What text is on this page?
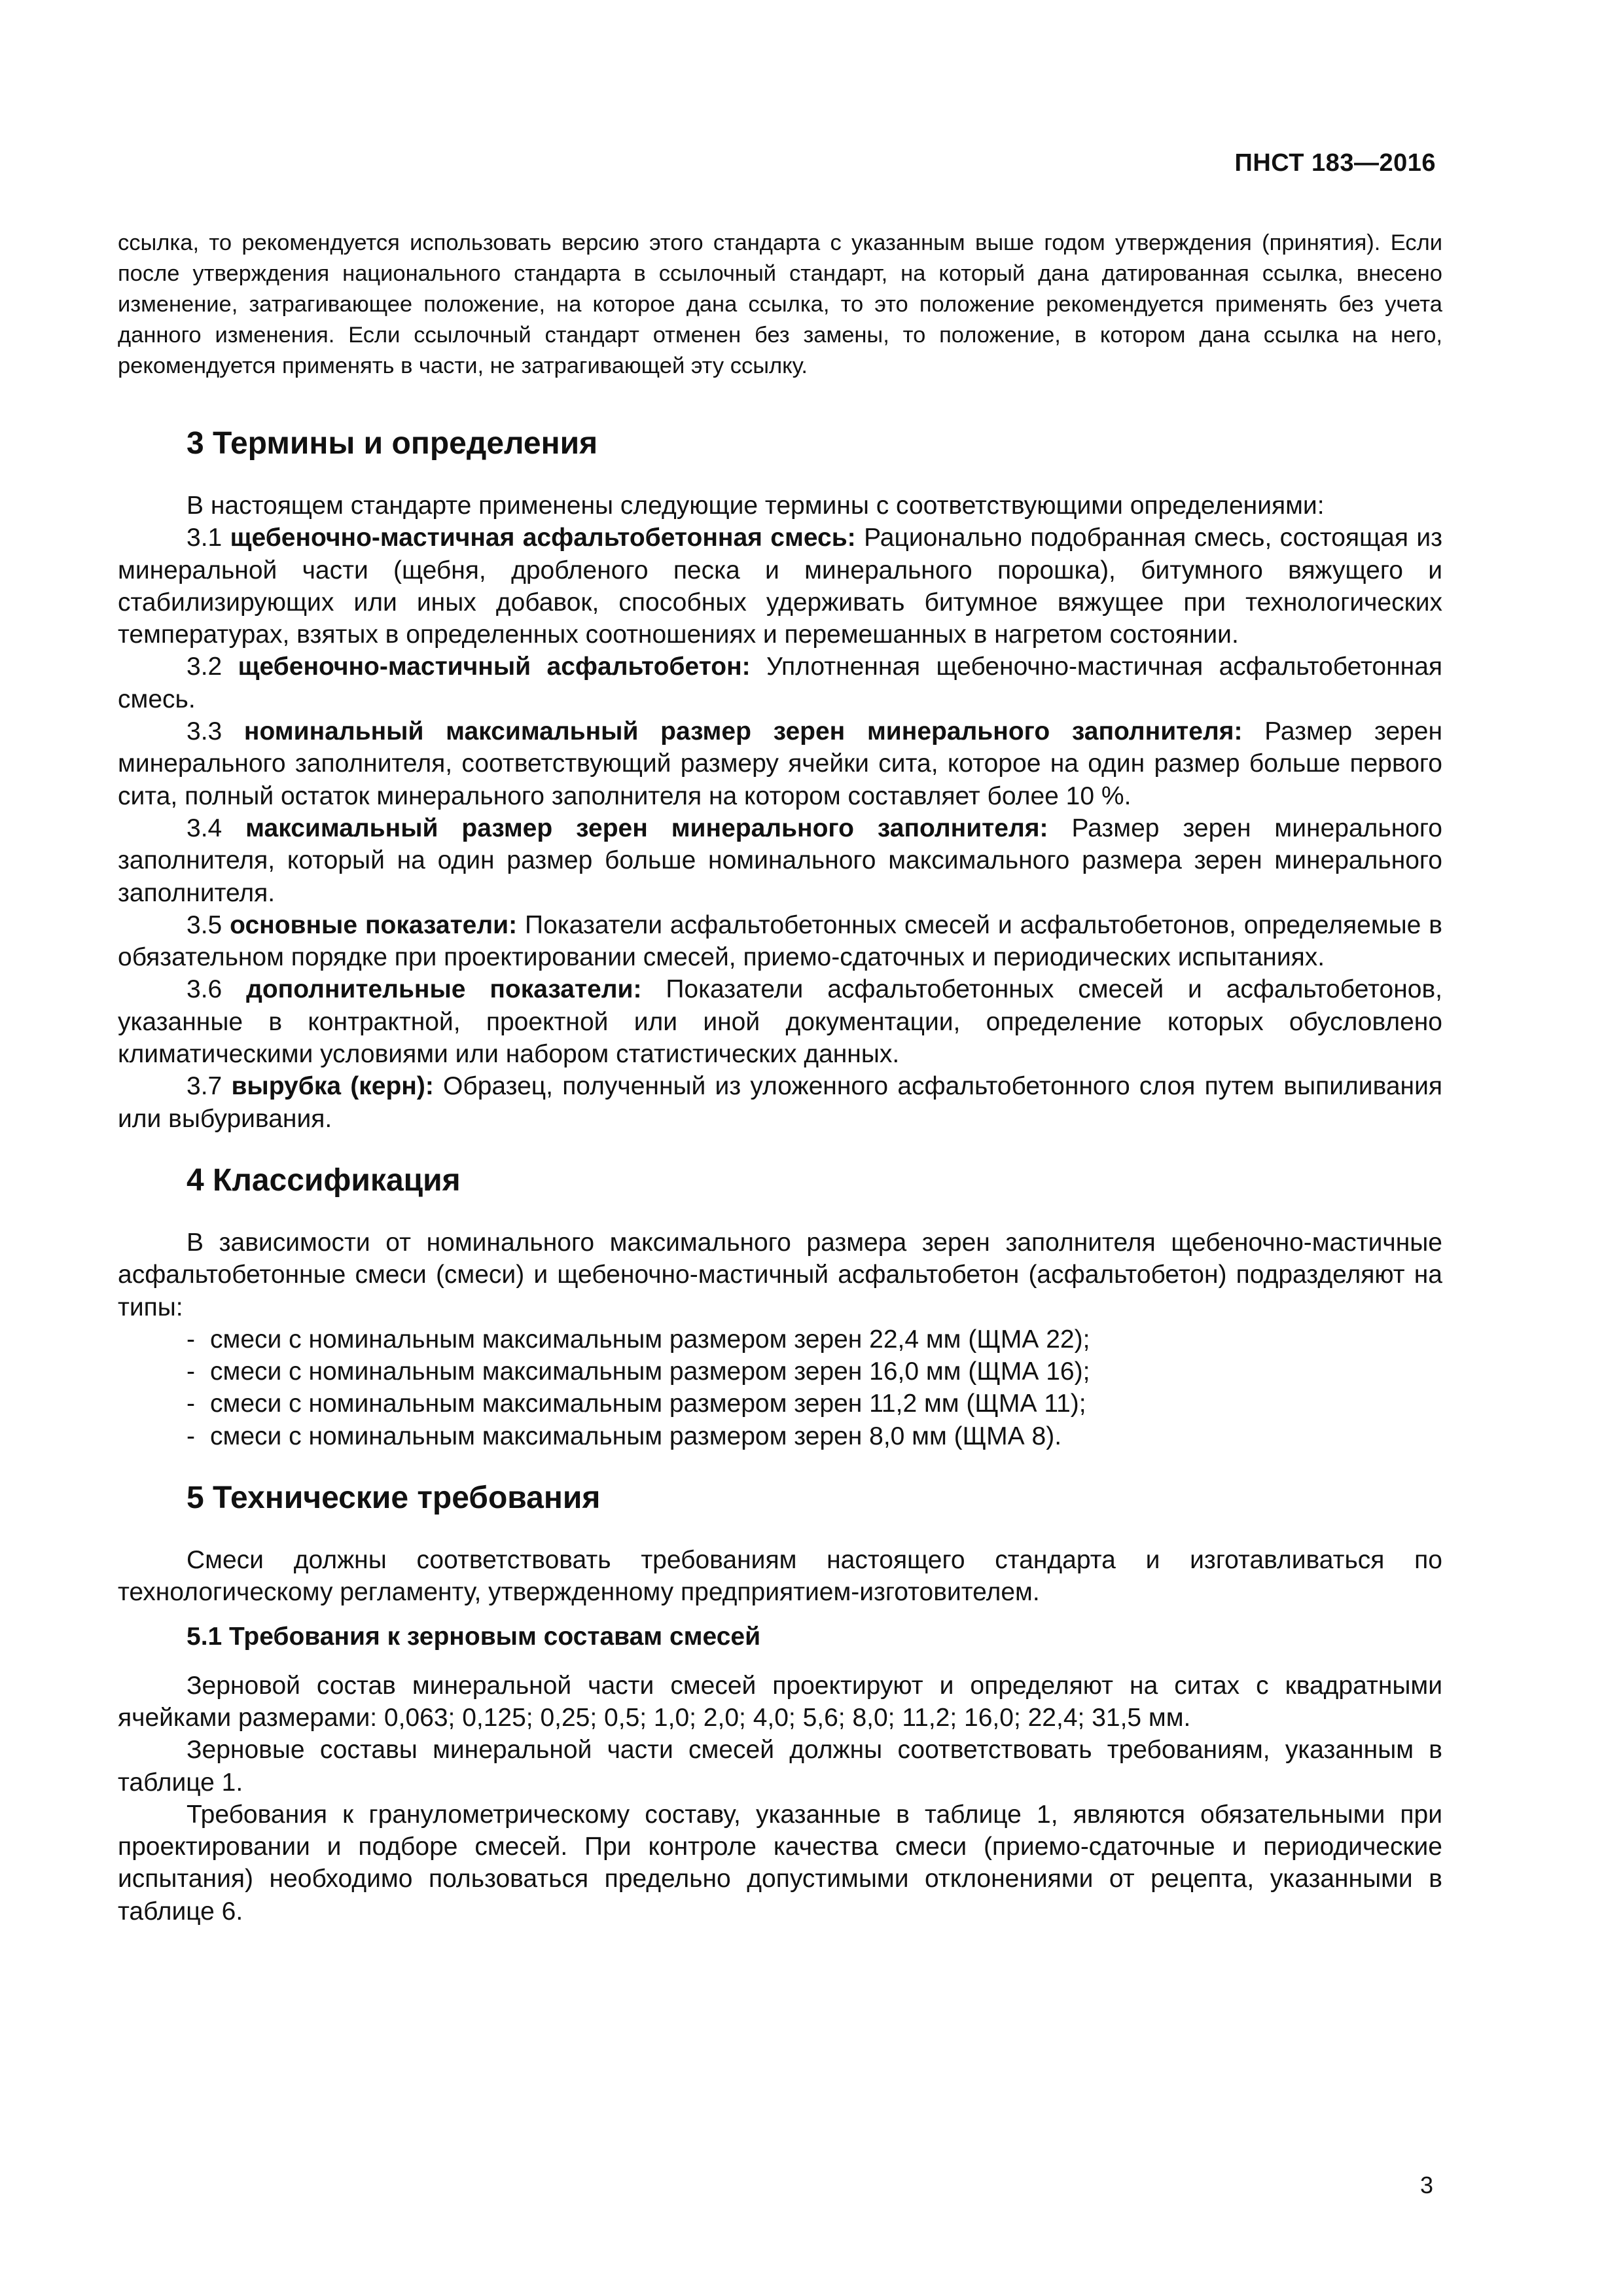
ПНСТ 183—2016
ссылка, то рекомендуется использовать версию этого стандарта с указанным выше годом утверждения (принятия). Если после утверждения национального стандарта в ссылочный стандарт, на который дана датированная ссылка, внесено изменение, затрагивающее положение, на которое дана ссылка, то это положение рекомендуется применять без учета данного изменения. Если ссылочный стандарт отменен без замены, то положение, в котором дана ссылка на него, рекомендуется применять в части, не затрагивающей эту ссылку.
3 Термины и определения

В настоящем стандарте применены следующие термины с соответствующими определениями:

3.1 щебеночно-мастичная асфальтобетонная смесь: Рационально подобранная смесь, состоящая из минеральной части (щебня, дробленого песка и минерального порошка), битумного вяжущего и стабилизирующих или иных добавок, способных удерживать битумное вяжущее при технологических температурах, взятых в определенных соотношениях и перемешанных в нагретом состоянии.

3.2 щебеночно-мастичный асфальтобетон: Уплотненная щебеночно-мастичная асфальтобетонная смесь.

3.3 номинальный максимальный размер зерен минерального заполнителя: Размер зерен минерального заполнителя, соответствующий размеру ячейки сита, которое на один размер больше первого сита, полный остаток минерального заполнителя на котором составляет более 10 %.

3.4 максимальный размер зерен минерального заполнителя: Размер зерен минерального заполнителя, который на один размер больше номинального максимального размера зерен минерального заполнителя.

3.5 основные показатели: Показатели асфальтобетонных смесей и асфальтобетонов, определяемые в обязательном порядке при проектировании смесей, приемо-сдаточных и периодических испытаниях.

3.6 дополнительные показатели: Показатели асфальтобетонных смесей и асфальтобетонов, указанные в контрактной, проектной или иной документации, определение которых обусловлено климатическими условиями или набором статистических данных.

3.7 вырубка (керн): Образец, полученный из уложенного асфальтобетонного слоя путем выпиливания или выбуривания.

4 Классификация

В зависимости от номинального максимального размера зерен заполнителя щебеночно-мастичные асфальтобетонные смеси (смеси) и щебеночно-мастичный асфальтобетон (асфальтобетон) подразделяют на типы:

- смеси с номинальным максимальным размером зерен 22,4 мм (ЩМА 22);

- смеси с номинальным максимальным размером зерен 16,0 мм (ЩМА 16);

- смеси с номинальным максимальным размером зерен 11,2 мм (ЩМА 11);

- смеси с номинальным максимальным размером зерен 8,0 мм (ЩМА 8).

5 Технические требования

Смеси должны соответствовать требованиям настоящего стандарта и изготавливаться по технологическому регламенту, утвержденному предприятием-изготовителем.

5.1 Требования к зерновым составам смесей

Зерновой состав минеральной части смесей проектируют и определяют на ситах с квадратными ячейками размерами: 0,063; 0,125; 0,25; 0,5; 1,0; 2,0; 4,0; 5,6; 8,0; 11,2; 16,0; 22,4; 31,5 мм.

Зерновые составы минеральной части смесей должны соответствовать требованиям, указанным в таблице 1.

Требования к гранулометрическому составу, указанные в таблице 1, являются обязательными при проектировании и подборе смесей. При контроле качества смеси (приемо-сдаточные и периодические испытания) необходимо пользоваться предельно допустимыми отклонениями от рецепта, указанными в таблице 6.

3
